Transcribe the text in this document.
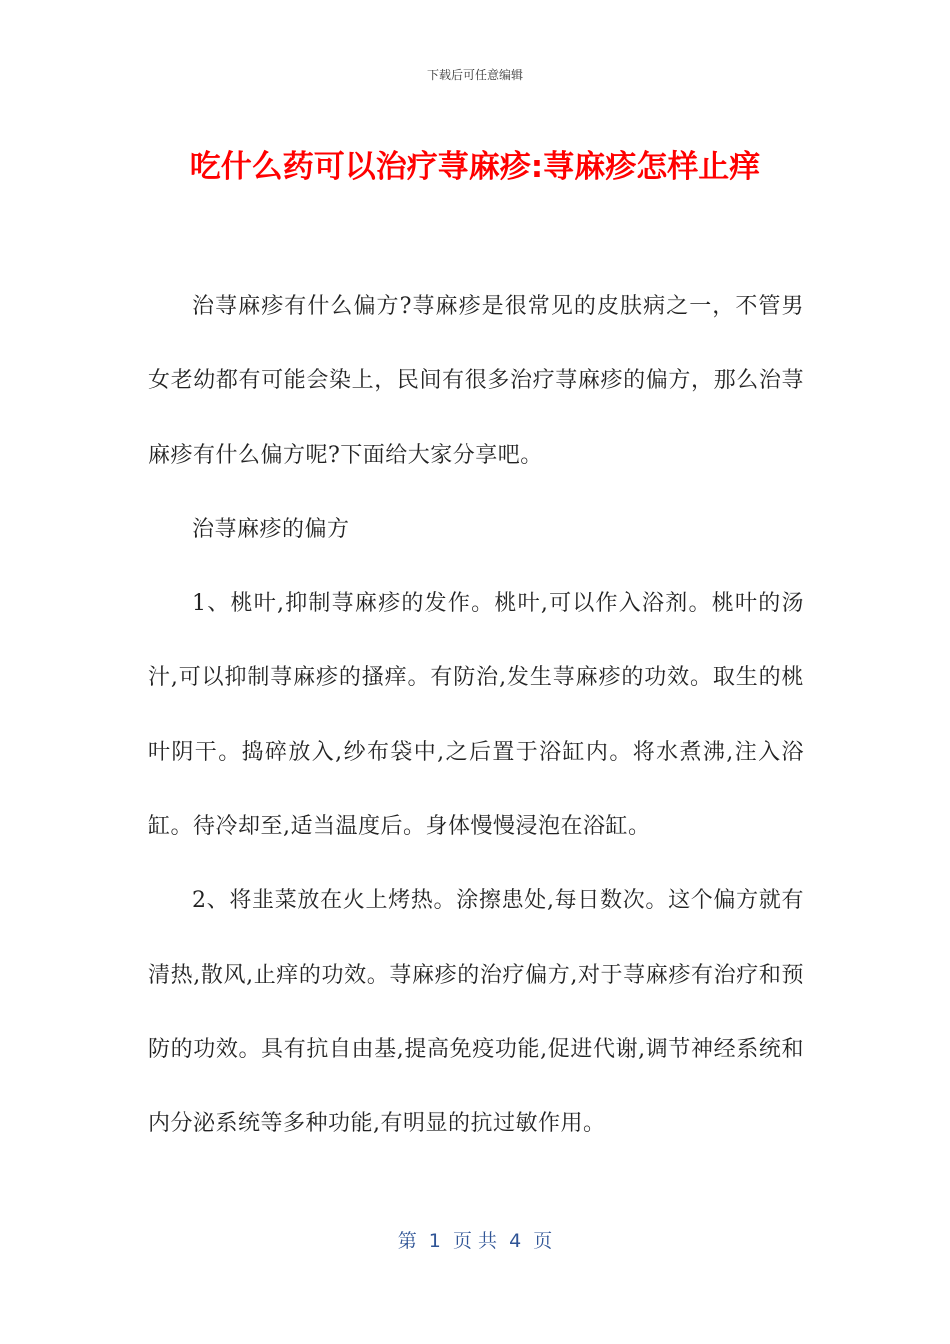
下载后可任意编辑
吃什么药可以治疗荨麻疹:荨麻疹怎样止痒

治荨麻疹有什么偏方?荨麻疹是很常见的皮肤病之一，不管男女老幼都有可能会染上，民间有很多治疗荨麻疹的偏方，那么治荨麻疹有什么偏方呢?下面给大家分享吧。

治荨麻疹的偏方

1、桃叶,抑制荨麻疹的发作。桃叶,可以作入浴剂。桃叶的汤汁,可以抑制荨麻疹的搔痒。有防治,发生荨麻疹的功效。取生的桃叶阴干。捣碎放入,纱布袋中,之后置于浴缸内。将水煮沸,注入浴缸。待冷却至,适当温度后。身体慢慢浸泡在浴缸。

2、将韭菜放在火上烤热。涂擦患处,每日数次。这个偏方就有清热,散风,止痒的功效。荨麻疹的治疗偏方,对于荨麻疹有治疗和预防的功效。具有抗自由基,提高免疫功能,促进代谢,调节神经系统和内分泌系统等多种功能,有明显的抗过敏作用。

第  1  页 共  4  页
